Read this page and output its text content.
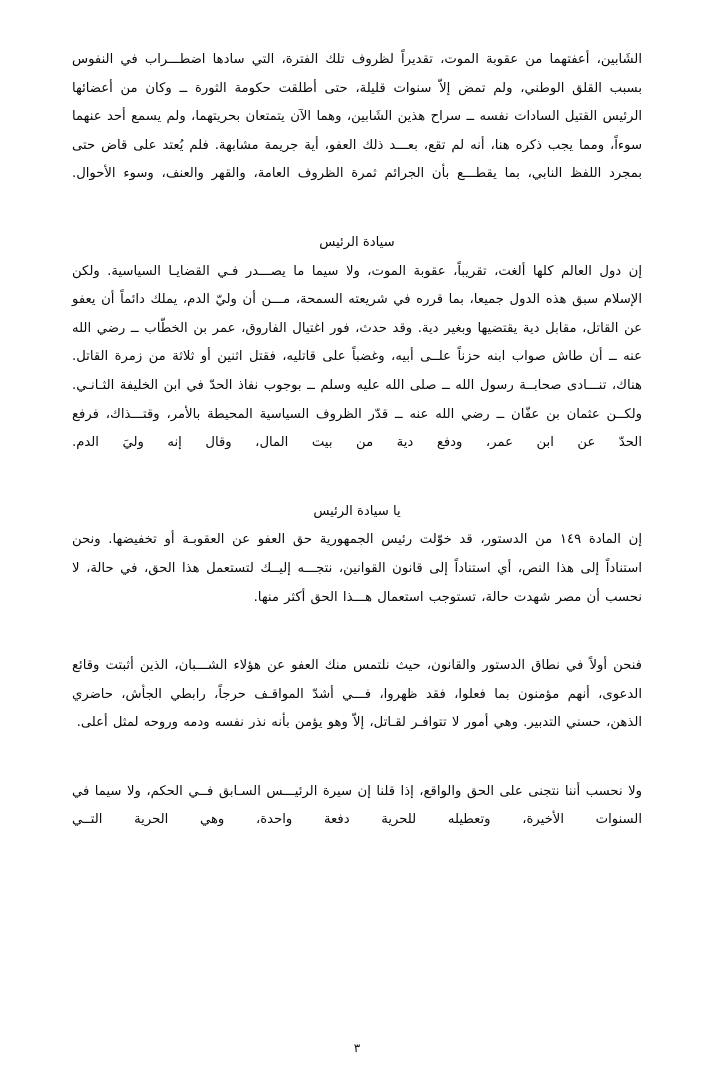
الشَابين، أعفتهما من عقوبة الموت، تقديراً لظروف تلك الفترة، التي سادها اضطـــراب في النفوس بسبب القلق الوطني، ولم تمض إلاّ سنوات قليلة، حتى أطلقت حكومة الثورة ــ وكان من أعضائها الرئيس القتيل السادات نفسه ــ سراح هذين الشَابين، وهما الآن يتمتعان بحريتهما، ولم يسمع أحد عنهما سوءاً، ومما يجب ذكره هنا، أنه لم تقع، بعـــد ذلك العفو، أية جريمة مشابهة. فلم يُعتد على قاض حتى بمجرد اللفظ النابي، بما يقطـــع بأن الجرائم ثمرة الظروف العامة، والقهر والعنف، وسوء الأحوال.

سيادة الرئيس

إن دول العالم كلها ألغت، تقريباً، عقوبة الموت، ولا سيما ما يصـــدر فـي القضايـا السياسية. ولكن الإسلام سبق هذه الدول جميعا، بما قرره في شريعته السمحة، مـــن أن وليّ الدم، يملك دائماً أن يعفو عن القاتل، مقابل دية يقتضيها وبغير دية. وقد حدث، فور اغتيال الفاروق، عمر بن الخطّاب ــ رضي الله عنه ــ أن طاش صواب ابنه حزناً علــى أبيه، وغضباً على قاتليه، فقتل اثنين أو ثلاثة من زمرة القاتل. هناك، تنـــادى صحابــة رسول الله ــ صلى الله عليه وسلم ــ بوجوب نفاذ الحدّ في ابن الخليفة الثـانـي. ولكــن عثمان بن عفّان ــ رضي الله عنه ــ قدّر الظروف السياسية المحيطة بالأمر، وقتـــذاك، فرفع الحدّ عن ابن عمر، ودفع دية من بيت المال، وقال إنه وليَ الدم.

يا سيادة الرئيس

إن المادة ١٤٩ من الدستور، قد خوّلت رئيس الجمهورية حق العفو عن العقوبـة أو تخفيضها. ونحن استناداً إلى هذا النص، أي استناداً إلى قانون القوانين، نتجـــه إليــك لتستعمل هذا الحق، في حالة، لا نحسب أن مصر شهدت حالة، تستوجب استعمال هـــذا الحق أكثر منها.

فنحن أولاً في نطاق الدستور والقانون، حيث نلتمس منك العفو عن هؤلاء الشـــبان، الذين أثبتت وقائع الدعوى، أنهم مؤمنون بما فعلوا، فقد ظهروا، فـــي أشدّ المواقـف حرجاً، رابطي الجأش، حاضري الذهن، حسني التدبير. وهي أمور لا تتوافـر لقـاتل، إلاّ وهو يؤمن بأنه نذر نفسه ودمه وروحه لمثل أعلى.

ولا نحسب أننا نتجنى على الحق والواقع، إذا قلنا إن سيرة الرئيـــس السـابق فــي الحكم، ولا سيما في السنوات الأخيرة، وتعطيله للحرية دفعة واحدة، وهي الحرية التــي

٣
